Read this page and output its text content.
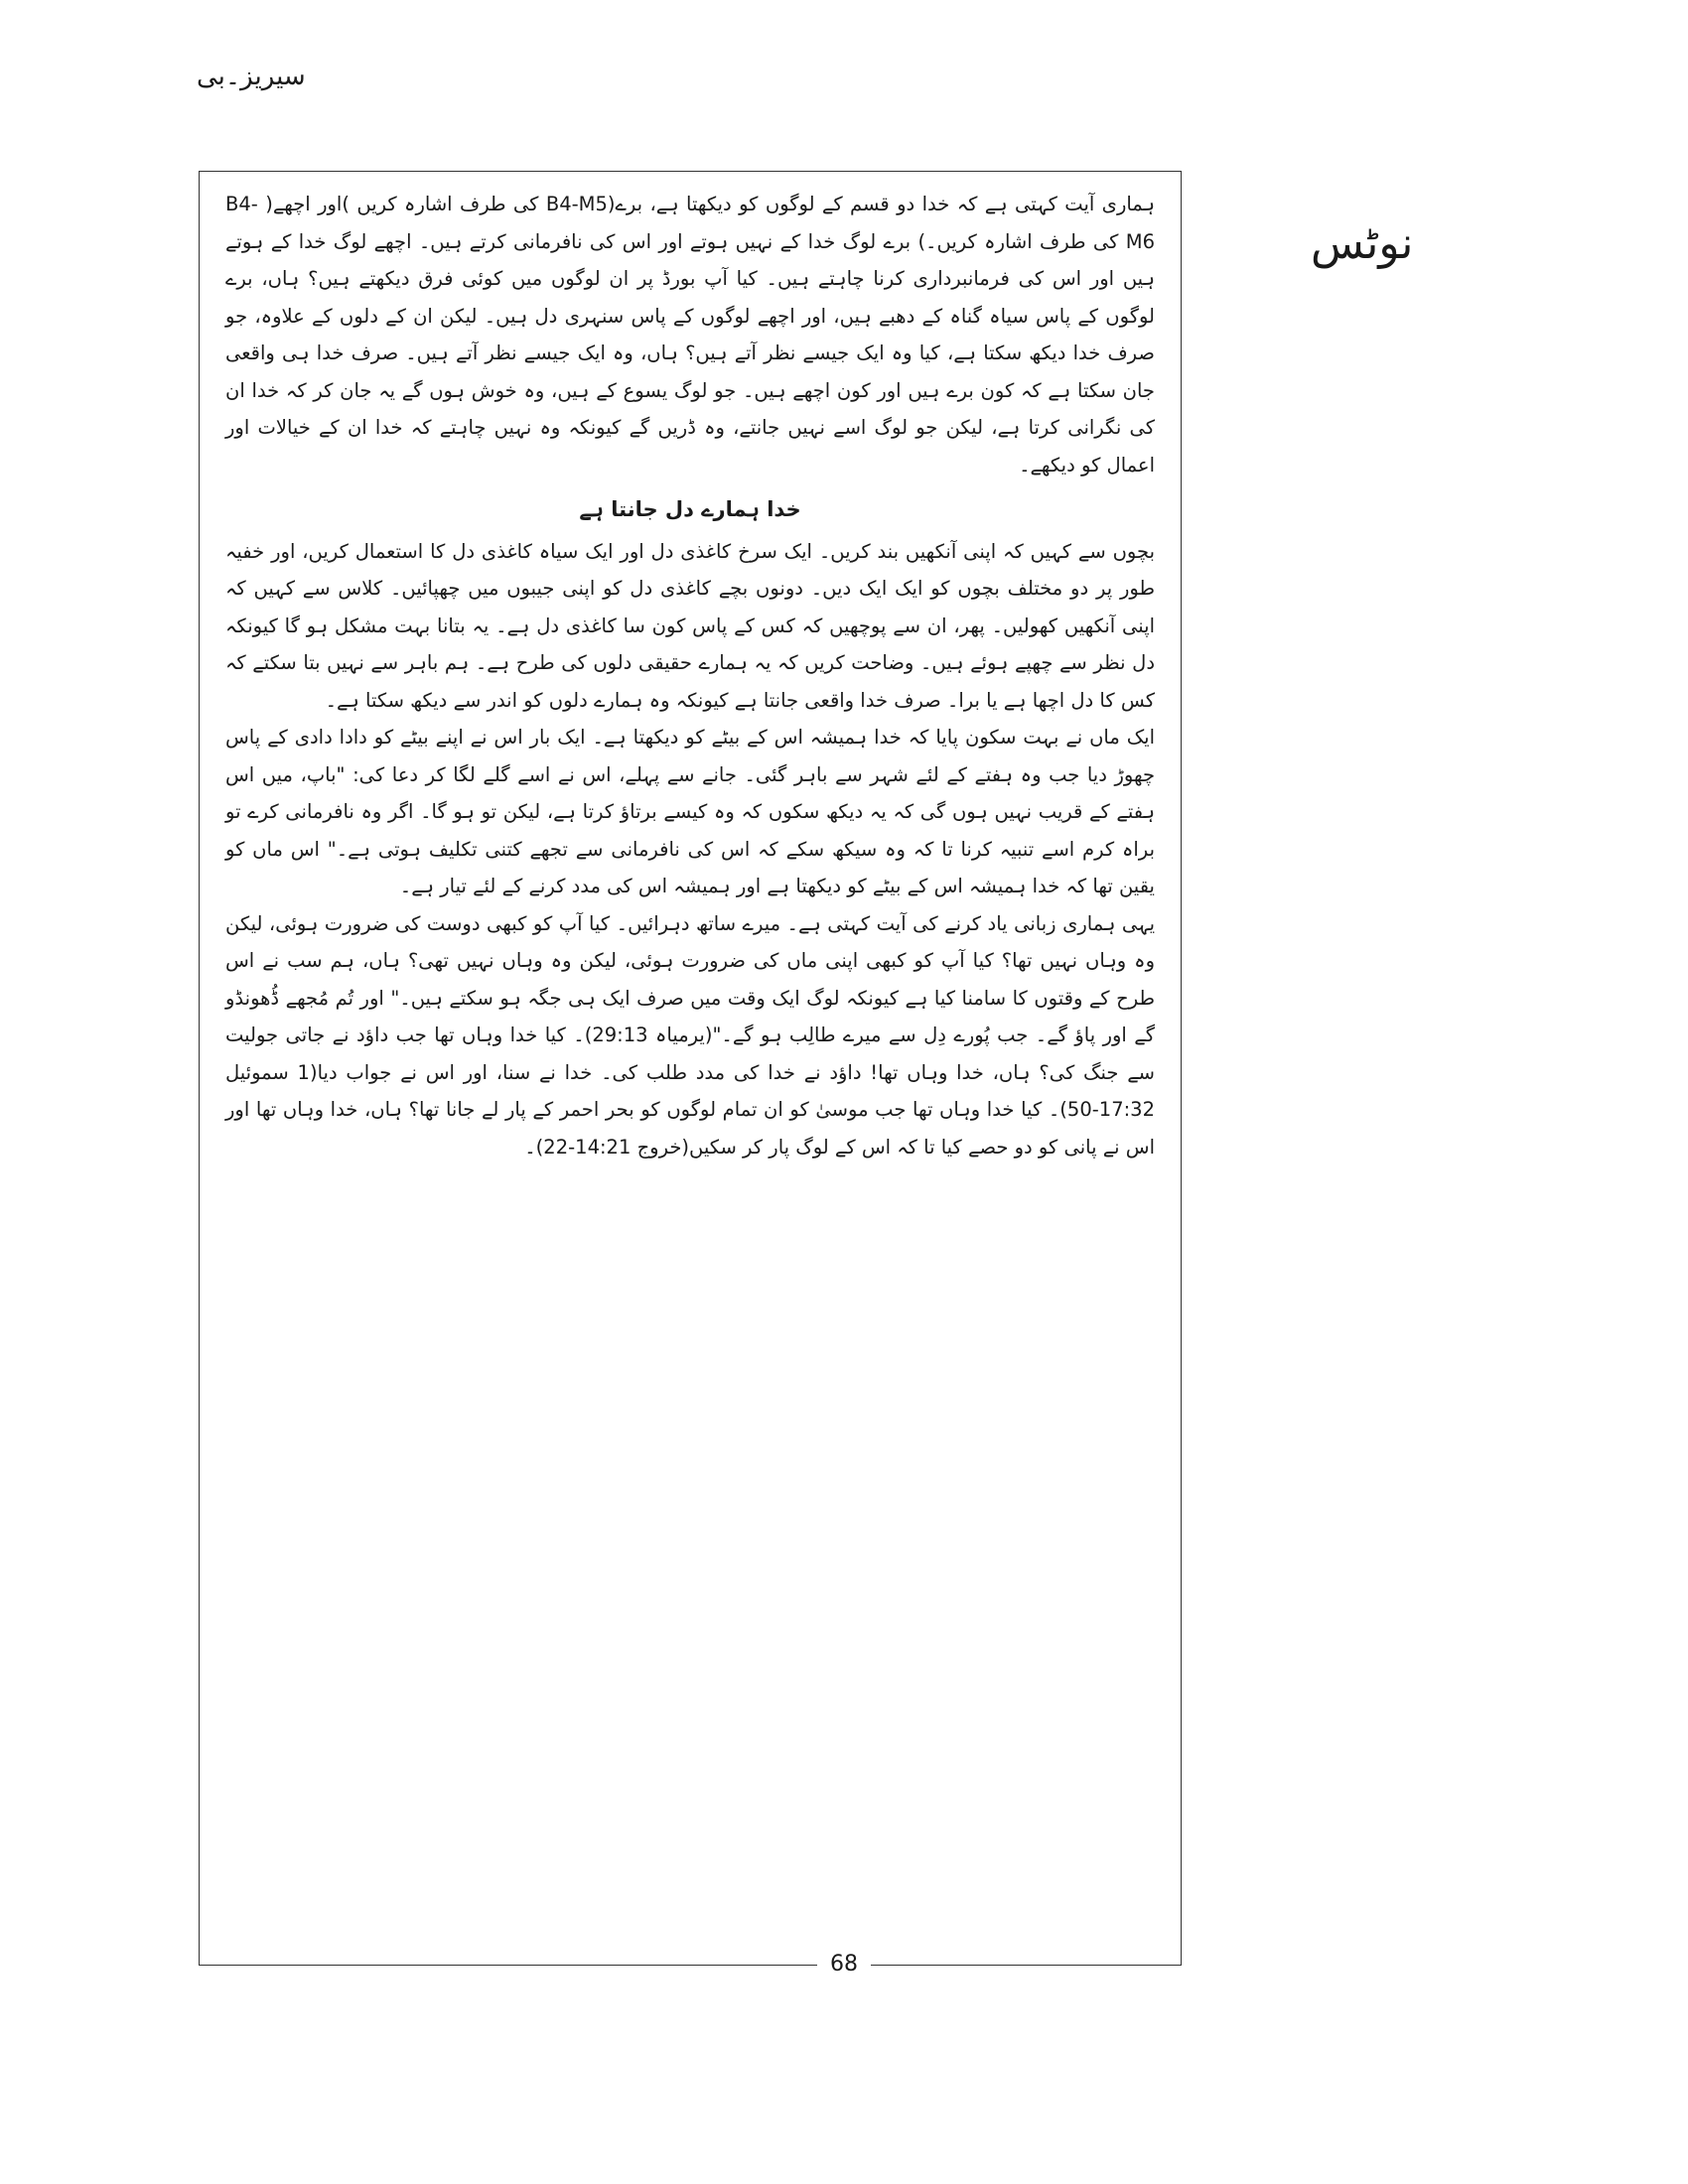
سیریز۔بی
نوٹس

ہماری آیت کہتی ہے کہ خدا دو قسم کے لوگوں کو دیکھتا ہے، برے(B4-M5 کی طرف اشارہ کریں )اور اچھے( B4-M6 کی طرف اشارہ کریں۔) برے لوگ خدا کے نہیں ہوتے اور اس کی نافرمانی کرتے ہیں۔ اچھے لوگ خدا کے ہوتے ہیں اور اس کی فرمانبرداری کرنا چاہتے ہیں۔ کیا آپ بورڈ پر ان لوگوں میں کوئی فرق دیکھتے ہیں؟ ہاں، برے لوگوں کے پاس سیاہ گناہ کے دھبے ہیں، اور اچھے لوگوں کے پاس سنہری دل ہیں۔ لیکن ان کے دلوں کے علاوہ، جو صرف خدا دیکھ سکتا ہے، کیا وہ ایک جیسے نظر آتے ہیں؟ ہاں، وہ ایک جیسے نظر آتے ہیں۔ صرف خدا ہی واقعی جان سکتا ہے کہ کون برے ہیں اور کون اچھے ہیں۔ جو لوگ یسوع کے ہیں، وہ خوش ہوں گے یہ جان کر کہ خدا ان کی نگرانی کرتا ہے، لیکن جو لوگ اسے نہیں جانتے، وہ ڈریں گے کیونکہ وہ نہیں چاہتے کہ خدا ان کے خیالات اور اعمال کو دیکھے۔

خدا ہمارے دل جانتا ہے

بچوں سے کہیں کہ اپنی آنکھیں بند کریں۔ ایک سرخ کاغذی دل اور ایک سیاہ کاغذی دل کا استعمال کریں، اور خفیہ طور پر دو مختلف بچوں کو ایک ایک دیں۔ دونوں بچے کاغذی دل کو اپنی جیبوں میں چھپائیں۔ کلاس سے کہیں کہ اپنی آنکھیں کھولیں۔ پھر، ان سے پوچھیں کہ کس کے پاس کون سا کاغذی دل ہے۔ یہ بتانا بہت مشکل ہو گا کیونکہ دل نظر سے چھپے ہوئے ہیں۔ وضاحت کریں کہ یہ ہمارے حقیقی دلوں کی طرح ہے۔ ہم باہر سے نہیں بتا سکتے کہ کس کا دل اچھا ہے یا برا۔ صرف خدا واقعی جانتا ہے کیونکہ وہ ہمارے دلوں کو اندر سے دیکھ سکتا ہے۔

ایک ماں نے بہت سکون پایا کہ خدا ہمیشہ اس کے بیٹے کو دیکھتا ہے۔ ایک بار اس نے اپنے بیٹے کو دادا دادی کے پاس چھوڑ دیا جب وہ ہفتے کے لئے شہر سے باہر گئی۔ جانے سے پہلے، اس نے اسے گلے لگا کر دعا کی: "باپ، میں اس ہفتے کے قریب نہیں ہوں گی کہ یہ دیکھ سکوں کہ وہ کیسے برتاؤ کرتا ہے، لیکن تو ہو گا۔ اگر وہ نافرمانی کرے تو براہ کرم اسے تنبیہ کرنا تا کہ وہ سیکھ سکے کہ اس کی نافرمانی سے تجھے کتنی تکلیف ہوتی ہے۔" اس ماں کو یقین تھا کہ خدا ہمیشہ اس کے بیٹے کو دیکھتا ہے اور ہمیشہ اس کی مدد کرنے کے لئے تیار ہے۔

یہی ہماری زبانی یاد کرنے کی آیت کہتی ہے۔ میرے ساتھ دہرائیں۔ کیا آپ کو کبھی دوست کی ضرورت ہوئی، لیکن وہ وہاں نہیں تھا؟ کیا آپ کو کبھی اپنی ماں کی ضرورت ہوئی، لیکن وہ وہاں نہیں تھی؟ ہاں، ہم سب نے اس طرح کے وقتوں کا سامنا کیا ہے کیونکہ لوگ ایک وقت میں صرف ایک ہی جگہ ہو سکتے ہیں۔" اور تُم مُجھے ڈُھونڈو گے اور پاؤ گے۔ جب پُورے دِل سے میرے طالِب ہو گے۔"(یرمیاہ 29:13)۔ کیا خدا وہاں تھا جب داؤد نے جاتی جولیت سے جنگ کی؟ ہاں، خدا وہاں تھا! داؤد نے خدا کی مدد طلب کی۔ خدا نے سنا، اور اس نے جواب دیا(1 سموئیل 17:32-50)۔ کیا خدا وہاں تھا جب موسیٰ کو ان تمام لوگوں کو بحر احمر کے پار لے جانا تھا؟ ہاں، خدا وہاں تھا اور اس نے پانی کو دو حصے کیا تا کہ اس کے لوگ پار کر سکیں(خروج 14:21-22)۔

68
